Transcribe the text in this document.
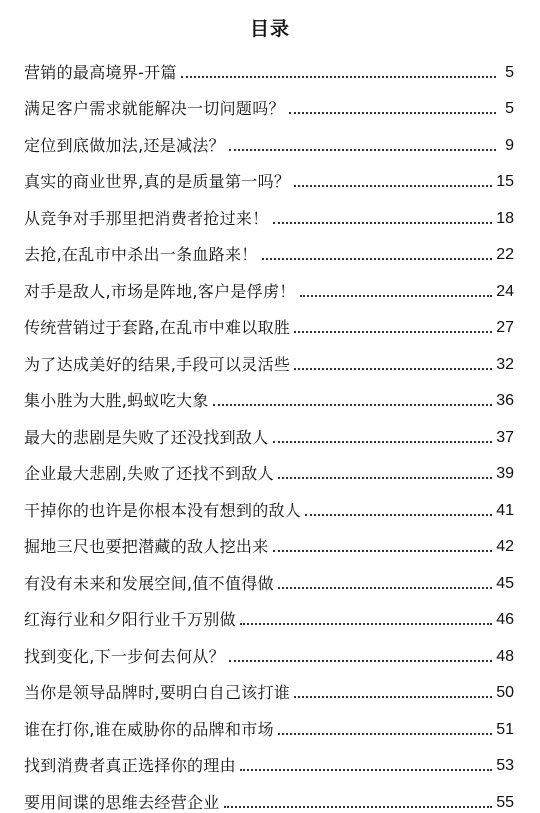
目录
营销的最高境界-开篇	5
满足客户需求就能解决一切问题吗？	5
定位到底做加法,还是减法？	9
真实的商业世界,真的是质量第一吗？	15
从竞争对手那里把消费者抢过来！	18
去抢,在乱市中杀出一条血路来！	22
对手是敌人,市场是阵地,客户是俘虏！	24
传统营销过于套路,在乱市中难以取胜	27
为了达成美好的结果,手段可以灵活些	32
集小胜为大胜,蚂蚁吃大象	36
最大的悲剧是失败了还没找到敌人	37
企业最大悲剧,失败了还找不到敌人	39
干掉你的也许是你根本没有想到的敌人	41
掘地三尺也要把潜藏的敌人挖出来	42
有没有未来和发展空间,值不值得做	45
红海行业和夕阳行业千万别做	46
找到变化,下一步何去何从？	48
当你是领导品牌时,要明白自己该打谁	50
谁在打你,谁在威胁你的品牌和市场	51
找到消费者真正选择你的理由	53
要用间谍的思维去经营企业	55
